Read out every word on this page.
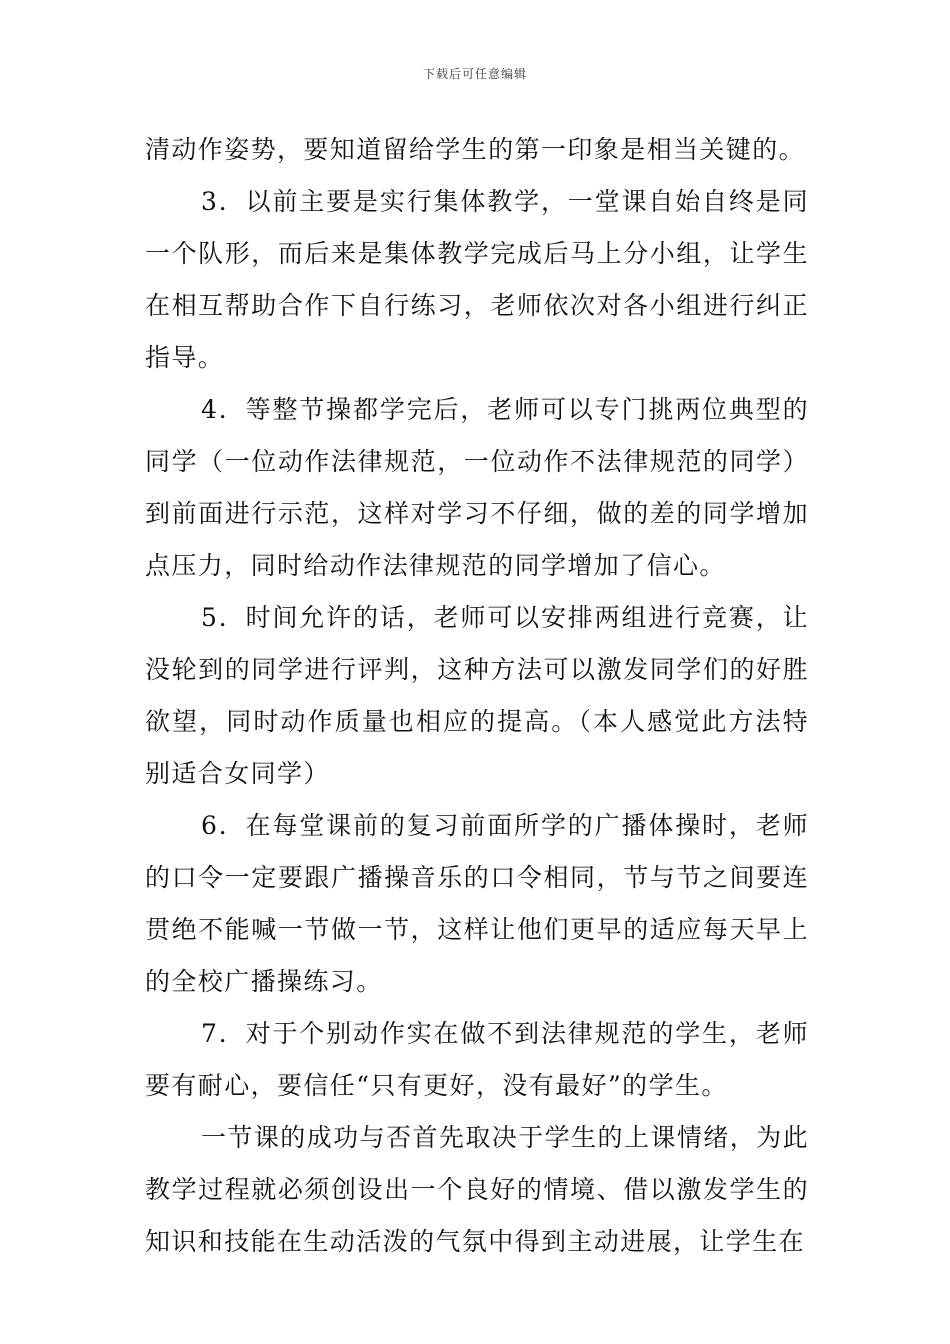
下载后可任意编辑

清动作姿势，要知道留给学生的第一印象是相当关键的。

3．以前主要是实行集体教学，一堂课自始自终是同一个队形，而后来是集体教学完成后马上分小组，让学生在相互帮助合作下自行练习，老师依次对各小组进行纠正指导。

4．等整节操都学完后，老师可以专门挑两位典型的同学（一位动作法律规范，一位动作不法律规范的同学）到前面进行示范，这样对学习不仔细，做的差的同学增加点压力，同时给动作法律规范的同学增加了信心。

5．时间允许的话，老师可以安排两组进行竞赛，让没轮到的同学进行评判，这种方法可以激发同学们的好胜欲望，同时动作质量也相应的提高。（本人感觉此方法特别适合女同学）

6．在每堂课前的复习前面所学的广播体操时，老师的口令一定要跟广播操音乐的口令相同，节与节之间要连贯绝不能喊一节做一节，这样让他们更早的适应每天早上的全校广播操练习。

7．对于个别动作实在做不到法律规范的学生，老师要有耐心，要信任“只有更好，没有最好”的学生。

一节课的成功与否首先取决于学生的上课情绪，为此教学过程就必须创设出一个良好的情境、借以激发学生的知识和技能在生动活泼的气氛中得到主动进展，让学生在
